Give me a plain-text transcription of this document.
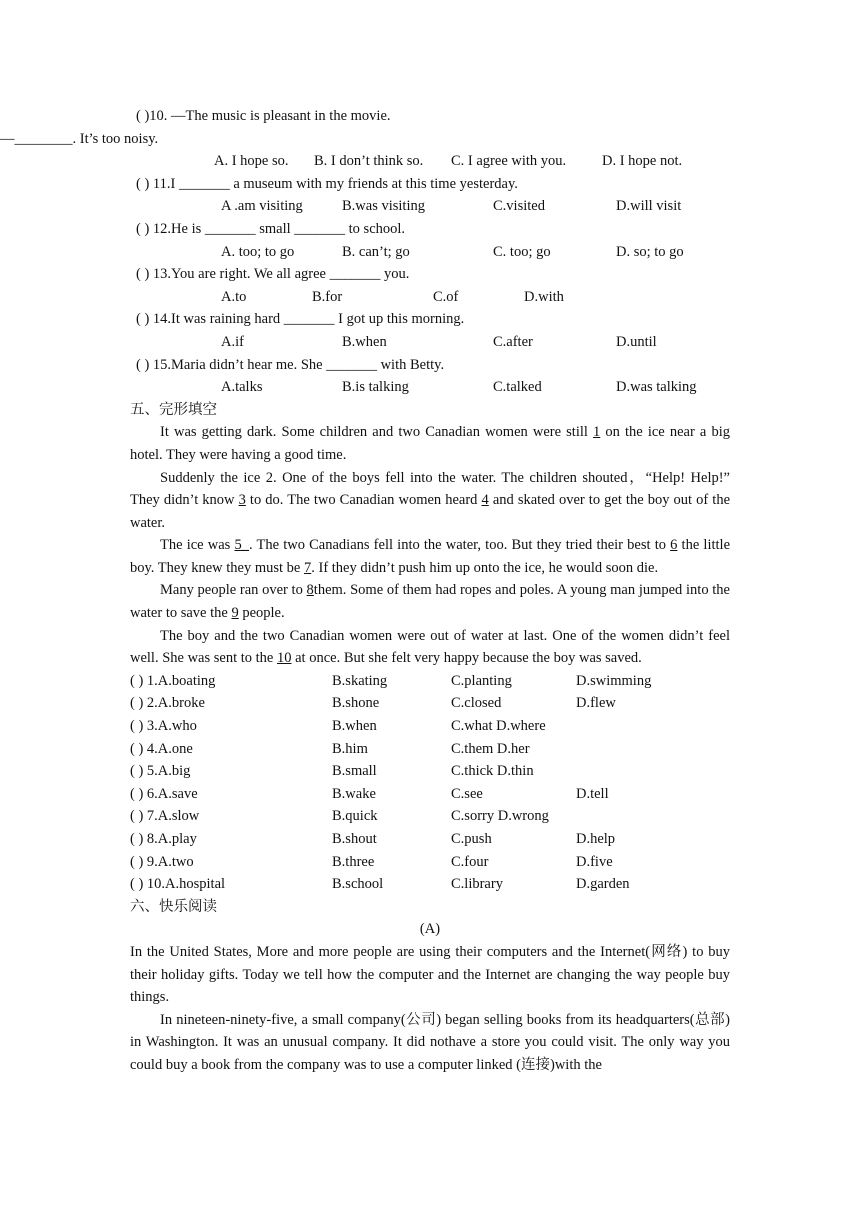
( )10. —The music is pleasant in the movie.
—________. It’s too noisy.
A. I hope so. B. I don’t think so. C. I agree with you. D. I hope not.
( ) 11.I _______ a museum with my friends at this time yesterday.
A .am visiting	B.was visiting	C.visited	D.will visit
( ) 12.He is _______ small _______ to school.
A. too; to go	B. can’t; go	C. too; go	D. so; to go
( ) 13.You are right. We all agree _______ you.
A.to	B.for	C.of	D.with
( ) 14.It was raining hard _______ I got up this morning.
A.if	B.when	C.after	D.until
( ) 15.Maria didn’t hear me. She _______ with Betty.
A.talks	B.is talking	C.talked	D.was talking
五、完形填空
It was getting dark. Some children and two Canadian women were still 1 on the ice near a big hotel. They were having a good time.
Suddenly the ice 2. One of the boys fell into the water. The children shouted，“Help! Help!” They didn’t know 3 to do. The two Canadian women heard 4 and skated over to get the boy out of the water.
The ice was 5_. The two Canadians fell into the water, too. But they tried their best to 6 the little boy. They knew they must be 7. If they didn’t push him up onto the ice, he would soon die.
Many people ran over to 8them. Some of them had ropes and poles. A young man jumped into the water to save the 9 people.
The boy and the two Canadian women were out of water at last. One of the women didn’t feel well. She was sent to the 10 at once. But she felt very happy because the boy was saved.
( ) 1.A.boating	B.skating	C.planting	D.swimming
( ) 2.A.broke	B.shone	C.closed	D.flew
( ) 3.A.who	B.when	C.what D.where
( ) 4.A.one	B.him	C.them D.her
( ) 5.A.big	B.small	C.thick D.thin
( ) 6.A.save	B.wake	C.see	D.tell
( ) 7.A.slow	B.quick	C.sorry D.wrong
( ) 8.A.play	B.shout	C.push	D.help
( ) 9.A.two	B.three	C.four	D.five
( ) 10.A.hospital	B.school	C.library	D.garden
六、快乐阅读
(A)
In the United States, More and more people are using their computers and the Internet(网络) to buy their holiday gifts. Today we tell how the computer and the Internet are changing the way people buy things.
In nineteen-ninety-five, a small company(公司) began selling books from its headquarters(总部) in Washington. It was an unusual company. It did nothave a store you could visit. The only way you could buy a book from the company was to use a computer linked (连接)with the
